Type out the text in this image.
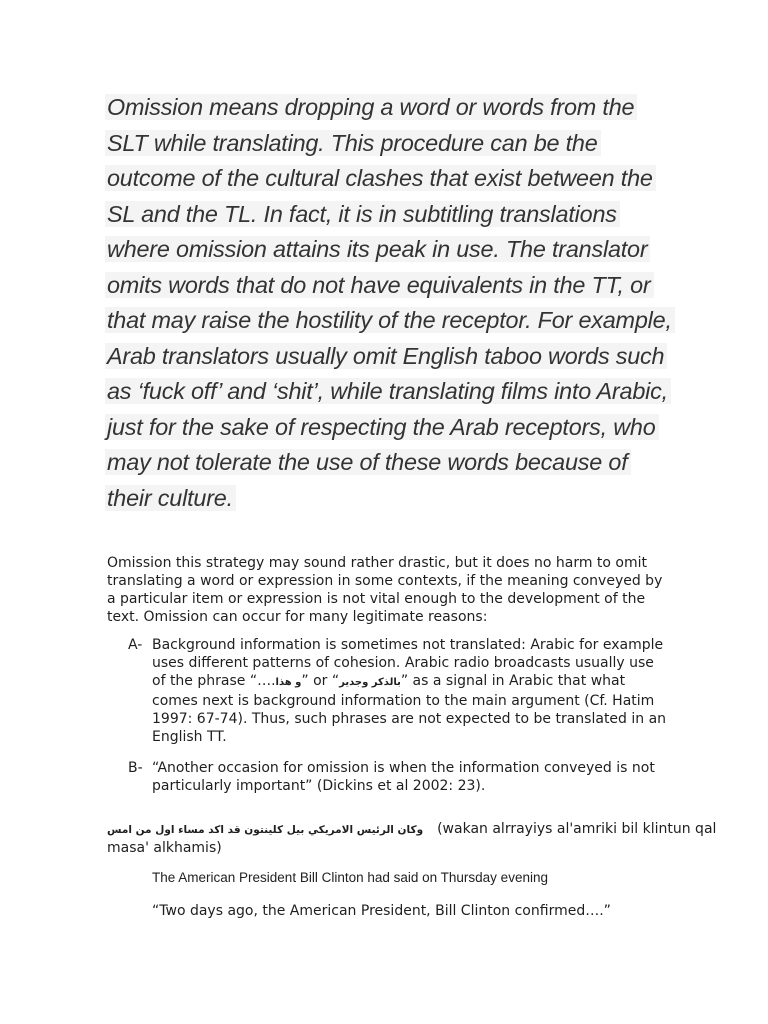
Omission means dropping a word or words from the
SLT while translating. This procedure can be the
outcome of the cultural clashes that exist between the
SL and the TL. In fact, it is in subtitling translations
where omission attains its peak in use. The translator
omits words that do not have equivalents in the TT, or
that may raise the hostility of the receptor. For example,
Arab translators usually omit English taboo words such
as ‘fuck off’ and ‘shit’, while translating films into Arabic,
just for the sake of respecting the Arab receptors, who
may not tolerate the use of these words because of
their culture.
Omission this strategy may sound rather drastic, but it does no harm to omit
translating a word or expression in some contexts, if the meaning conveyed by
a particular item or expression is not vital enough to the development of the
text. Omission can occur for many legitimate reasons:
A- Background information is sometimes not translated: Arabic for example
uses different patterns of cohesion. Arabic radio broadcasts usually use
of the phrase “….و هذا” or “بالذكر وجدير” as a signal in Arabic that what
comes next is background information to the main argument (Cf. Hatim
1997: 67-74). Thus, such phrases are not expected to be translated in an
English TT.
B- “Another occasion for omission is when the information conveyed is not
particularly important” (Dickins et al 2002: 23).
وكان الرئيس الامريكي بيل كلينتون قد اكد مساء اول من امس (wakan alrrayiys al'amriki bil klintun qal
masa' alkhamis)
The American President Bill Clinton had said on Thursday evening
“Two days ago, the American President, Bill Clinton confirmed….”
